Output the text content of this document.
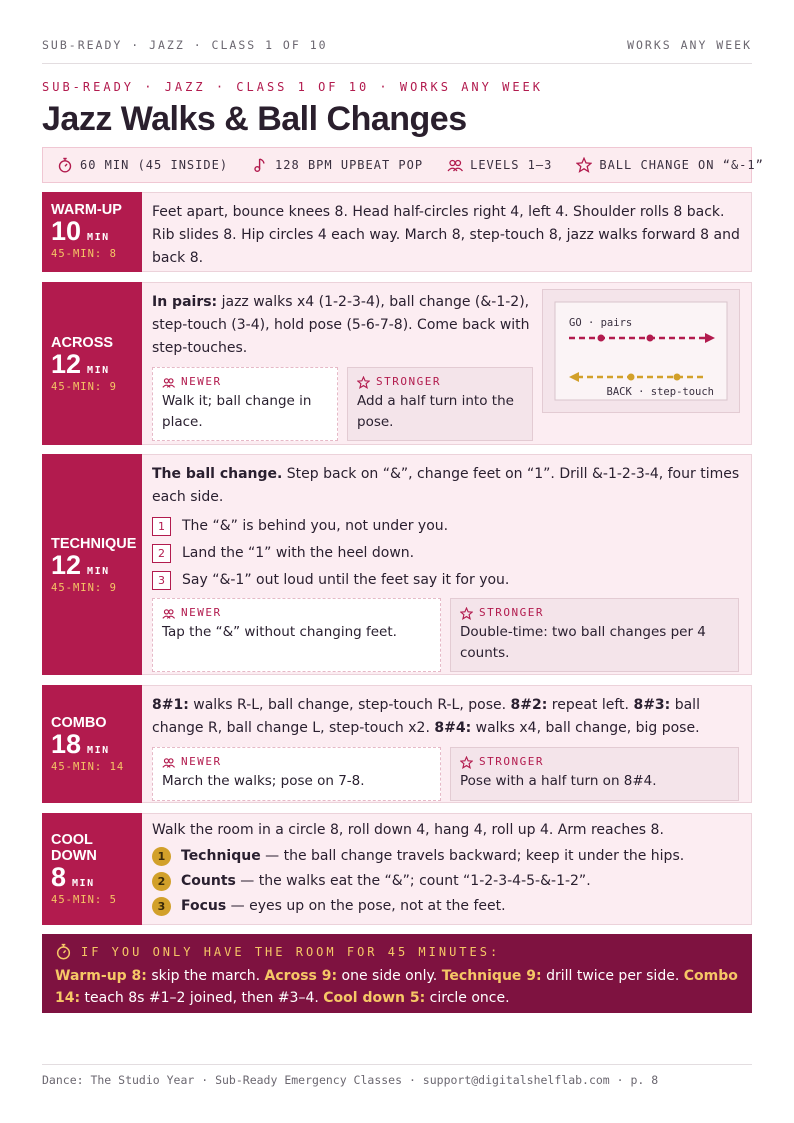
SUB-READY · JAZZ · CLASS 1 OF 10	WORKS ANY WEEK
SUB-READY · JAZZ · CLASS 1 OF 10 · WORKS ANY WEEK
Jazz Walks & Ball Changes
60 MIN (45 INSIDE)	128 BPM UPBEAT POP	LEVELS 1–3	BALL CHANGE ON “&-1”
WARM-UP
10 MIN
45-MIN: 8

Feet apart, bounce knees 8. Head half-circles right 4, left 4. Shoulder rolls 8 back. Rib slides 8. Hip circles 4 each way. March 8, step-touch 8, jazz walks forward 8 and back 8.

ACROSS
12 MIN
45-MIN: 9

In pairs: jazz walks x4 (1-2-3-4), ball change (&-1-2), step-touch (3-4), hold pose (5-6-7-8). Come back with step-touches.

NEWER
Walk it; ball change in place.
STRONGER
Add a half turn into the pose.
GO · pairs
BACK · step-touch
TECHNIQUE
12 MIN
45-MIN: 9

The ball change. Step back on “&”, change feet on “1”. Drill &-1-2-3-4, four times each side.

1	The “&” is behind you, not under you.
2	Land the “1” with the heel down.
3	Say “&-1” out loud until the feet say it for you.
NEWER
Tap the “&” without changing feet.
STRONGER
Double-time: two ball changes per 4 counts.
COMBO
18 MIN
45-MIN: 14

8#1: walks R-L, ball change, step-touch R-L, pose. 8#2: repeat left. 8#3: ball change R, ball change L, step-touch x2. 8#4: walks x4, ball change, big pose.

NEWER
March the walks; pose on 7-8.
STRONGER
Pose with a half turn on 8#4.
COOL DOWN
8 MIN
45-MIN: 5

Walk the room in a circle 8, roll down 4, hang 4, roll up 4. Arm reaches 8.

1	Technique — the ball change travels backward; keep it under the hips.
2	Counts — the walks eat the “&”; count “1-2-3-4-5-&-1-2”.
3	Focus — eyes up on the pose, not at the feet.
IF YOU ONLY HAVE THE ROOM FOR 45 MINUTES:

Warm-up 8: skip the march. Across 9: one side only. Technique 9: drill twice per side. Combo 14: teach 8s #1–2 joined, then #3–4. Cool down 5: circle once.

Dance: The Studio Year · Sub-Ready Emergency Classes · support@digitalshelflab.com · p. 8
